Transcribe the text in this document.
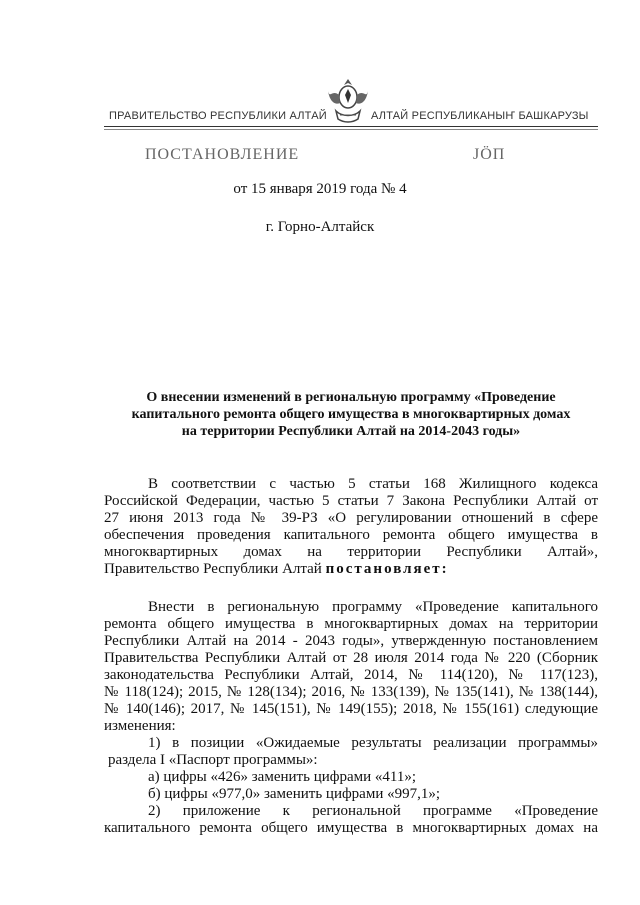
ПРАВИТЕЛЬСТВО РЕСПУБЛИКИ АЛТАЙ	АЛТАЙ РЕСПУБЛИКАНЫҤ БАШКАРУЗЫ
ПОСТАНОВЛЕНИЕ	ЈÖП
от 15 января 2019 года № 4
г. Горно-Алтайск
О внесении изменений в региональную программу «Проведение
капитального ремонта общего имущества в многоквартирных домах
на территории Республики Алтай на 2014-2043 годы»

В соответствии с частью 5 статьи 168 Жилищного кодекса

Российской Федерации, частью 5 статьи 7 Закона Республики Алтай от

27 июня 2013 года № 39-РЗ «О регулировании отношений в сфере

обеспечения проведения капитального ремонта общего имущества в

многоквартирных домах на территории Республики Алтай»,

Правительство Республики Алтай постановляет:

Внести в региональную программу «Проведение капитального

ремонта общего имущества в многоквартирных домах на территории

Республики Алтай на 2014 - 2043 годы», утвержденную постановлением

Правительства Республики Алтай от 28 июля 2014 года № 220 (Сборник

законодательства Республики Алтай, 2014, № 114(120), № 117(123),

№ 118(124); 2015, № 128(134); 2016, № 133(139), № 135(141), № 138(144),

№ 140(146); 2017, № 145(151), № 149(155); 2018, № 155(161) следующие

изменения:

1) в позиции «Ожидаемые результаты реализации программы»

раздела I «Паспорт программы»:

а) цифры «426» заменить цифрами «411»;

б) цифры «977,0» заменить цифрами «997,1»;

2) приложение к региональной программе «Проведение

капитального ремонта общего имущества в многоквартирных домах на
